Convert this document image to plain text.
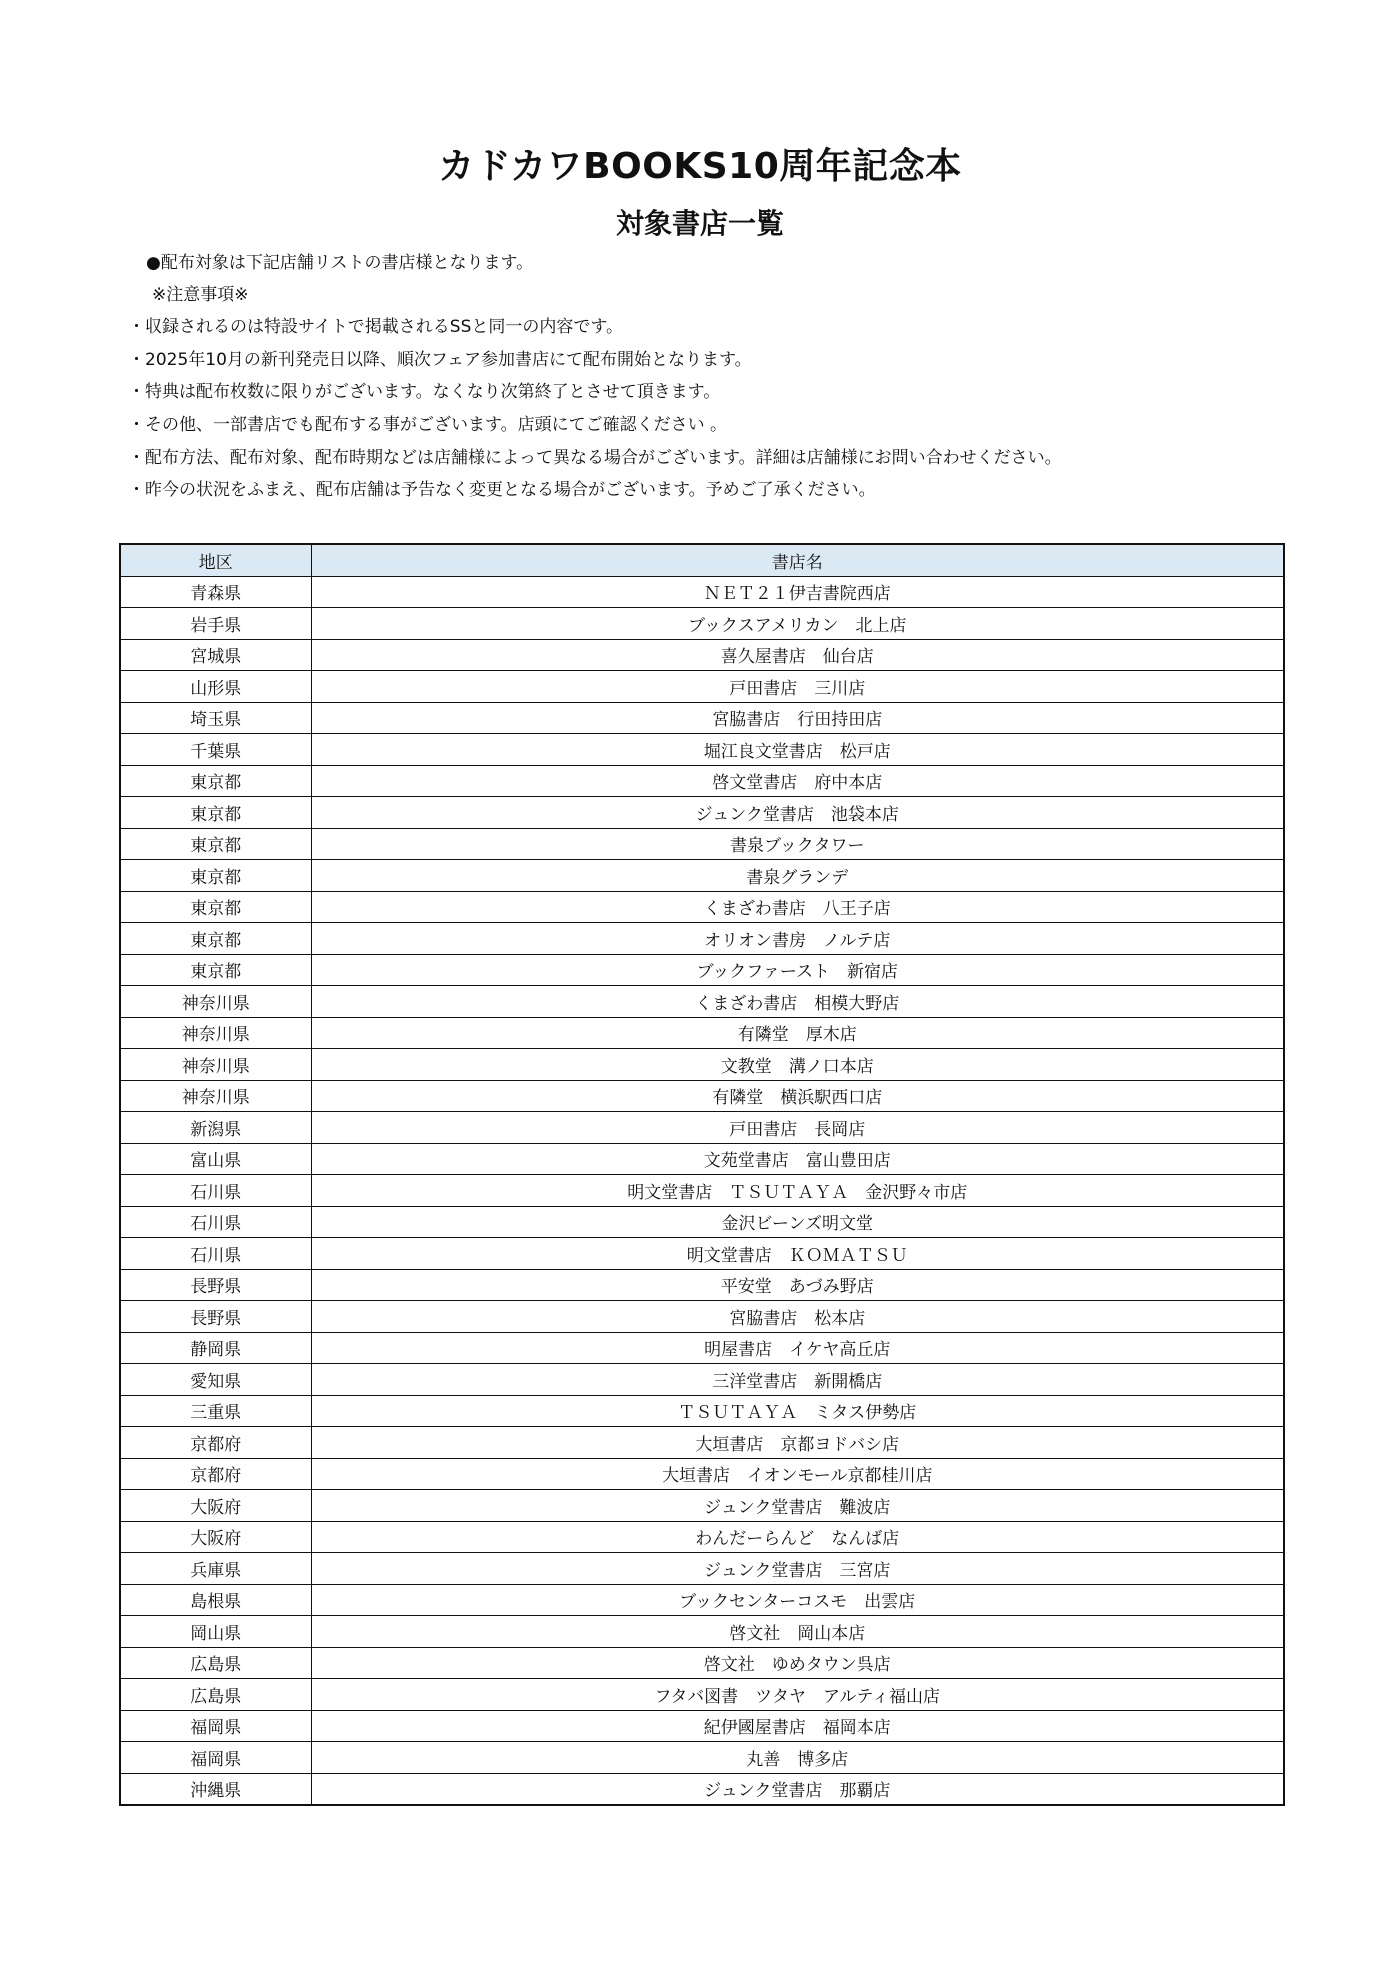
カドカワBOOKS10周年記念本
対象書店一覧

●配布対象は下記店舗リストの書店様となります。

※注意事項※

・収録されるのは特設サイトで掲載されるSSと同一の内容です。
・2025年10月の新刊発売日以降、順次フェア参加書店にて配布開始となります。
・特典は配布枚数に限りがございます。なくなり次第終了とさせて頂きます。
・その他、一部書店でも配布する事がございます。店頭にてご確認ください 。
・配布方法、配布対象、配布時期などは店舗様によって異なる場合がございます。詳細は店舗様にお問い合わせください。
・昨今の状況をふまえ、配布店舗は予告なく変更となる場合がございます。予めご了承ください。
地区	書店名
青森県	ＮＥＴ２１伊吉書院西店
岩手県	ブックスアメリカン　北上店
宮城県	喜久屋書店　仙台店
山形県	戸田書店　三川店
埼玉県	宮脇書店　行田持田店
千葉県	堀江良文堂書店　松戸店
東京都	啓文堂書店　府中本店
東京都	ジュンク堂書店　池袋本店
東京都	書泉ブックタワー
東京都	書泉グランデ
東京都	くまざわ書店　八王子店
東京都	オリオン書房　ノルテ店
東京都	ブックファースト　新宿店
神奈川県	くまざわ書店　相模大野店
神奈川県	有隣堂　厚木店
神奈川県	文教堂　溝ノ口本店
神奈川県	有隣堂　横浜駅西口店
新潟県	戸田書店　長岡店
富山県	文苑堂書店　富山豊田店
石川県	明文堂書店　ＴＳＵＴＡＹＡ　金沢野々市店
石川県	金沢ビーンズ明文堂
石川県	明文堂書店　ＫＯＭＡＴＳＵ
長野県	平安堂　あづみ野店
長野県	宮脇書店　松本店
静岡県	明屋書店　イケヤ高丘店
愛知県	三洋堂書店　新開橋店
三重県	ＴＳＵＴＡＹＡ　ミタス伊勢店
京都府	大垣書店　京都ヨドバシ店
京都府	大垣書店　イオンモール京都桂川店
大阪府	ジュンク堂書店　難波店
大阪府	わんだーらんど　なんば店
兵庫県	ジュンク堂書店　三宮店
島根県	ブックセンターコスモ　出雲店
岡山県	啓文社　岡山本店
広島県	啓文社　ゆめタウン呉店
広島県	フタバ図書　ツタヤ　アルティ福山店
福岡県	紀伊國屋書店　福岡本店
福岡県	丸善　博多店
沖縄県	ジュンク堂書店　那覇店
